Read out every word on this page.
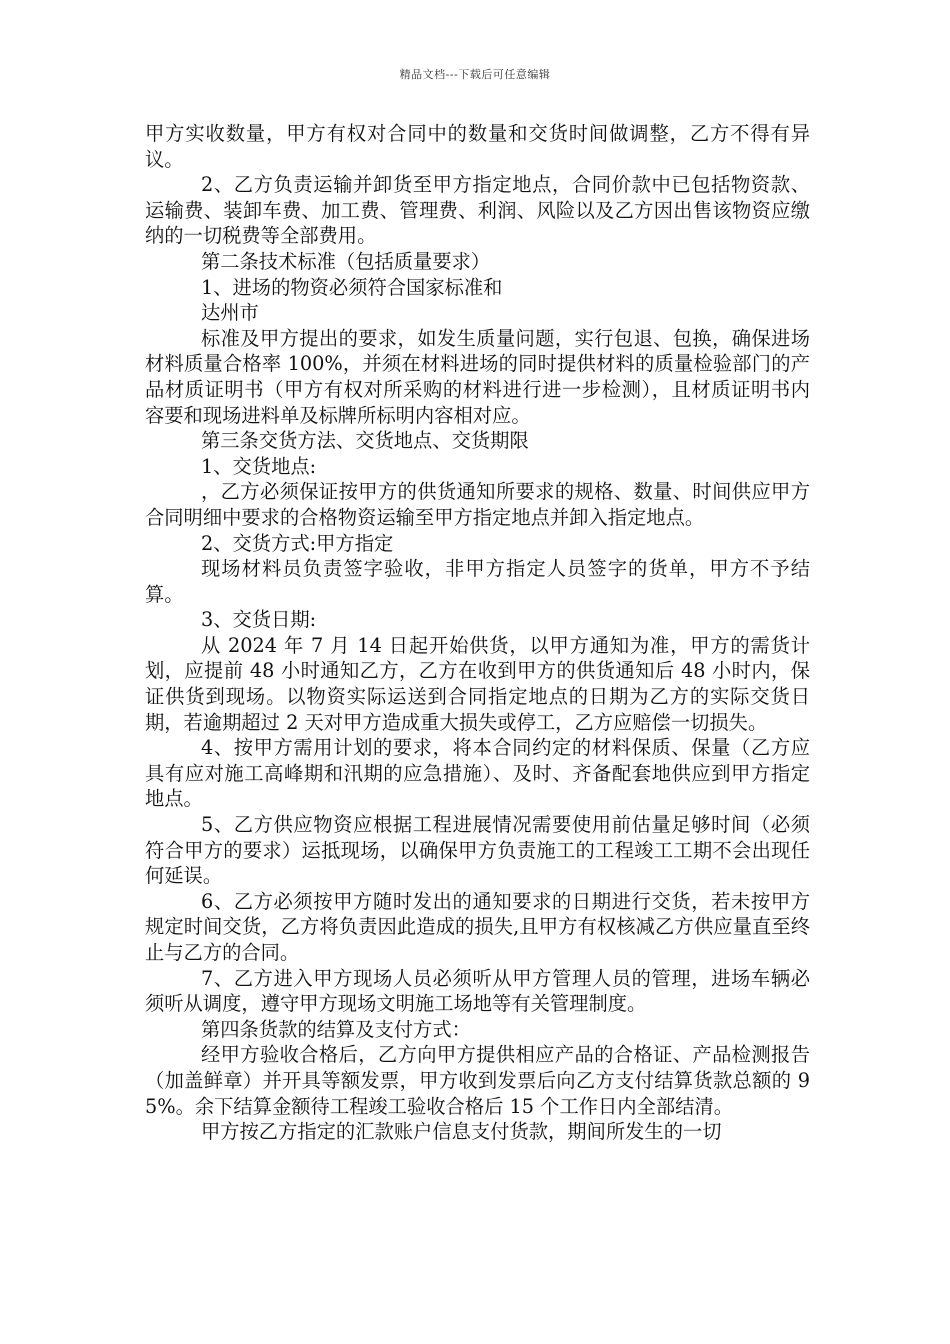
精品文档---下载后可任意编辑

甲方实收数量，甲方有权对合同中的数量和交货时间做调整，乙方不得有异议。

2、乙方负责运输并卸货至甲方指定地点，合同价款中已包括物资款、运输费、装卸车费、加工费、管理费、利润、风险以及乙方因出售该物资应缴纳的一切税费等全部费用。

第二条技术标准（包括质量要求）

1、进场的物资必须符合国家标准和

达州市

标准及甲方提出的要求，如发生质量问题，实行包退、包换，确保进场材料质量合格率 100%，并须在材料进场的同时提供材料的质量检验部门的产品材质证明书（甲方有权对所采购的材料进行进一步检测），且材质证明书内容要和现场进料单及标牌所标明内容相对应。

第三条交货方法、交货地点、交货期限

1、交货地点:

，乙方必须保证按甲方的供货通知所要求的规格、数量、时间供应甲方合同明细中要求的合格物资运输至甲方指定地点并卸入指定地点。

2、交货方式:甲方指定

现场材料员负责签字验收，非甲方指定人员签字的货单，甲方不予结算。

3、交货日期:

从 2024 年 7 月 14 日起开始供货，以甲方通知为准，甲方的需货计划，应提前 48 小时通知乙方，乙方在收到甲方的供货通知后 48 小时内，保证供货到现场。以物资实际运送到合同指定地点的日期为乙方的实际交货日期，若逾期超过 2 天对甲方造成重大损失或停工，乙方应赔偿一切损失。

4、按甲方需用计划的要求，将本合同约定的材料保质、保量（乙方应具有应对施工高峰期和汛期的应急措施）、及时、齐备配套地供应到甲方指定地点。

5、乙方供应物资应根据工程进展情况需要使用前估量足够时间（必须符合甲方的要求）运抵现场，以确保甲方负责施工的工程竣工工期不会出现任何延误。

6、乙方必须按甲方随时发出的通知要求的日期进行交货，若未按甲方规定时间交货，乙方将负责因此造成的损失,且甲方有权核减乙方供应量直至终止与乙方的合同。

7、乙方进入甲方现场人员必须听从甲方管理人员的管理，进场车辆必须听从调度，遵守甲方现场文明施工场地等有关管理制度。

第四条货款的结算及支付方式：

经甲方验收合格后，乙方向甲方提供相应产品的合格证、产品检测报告（加盖鲜章）并开具等额发票，甲方收到发票后向乙方支付结算货款总额的 95%。余下结算金额待工程竣工验收合格后 15 个工作日内全部结清。

甲方按乙方指定的汇款账户信息支付货款，期间所发生的一切
